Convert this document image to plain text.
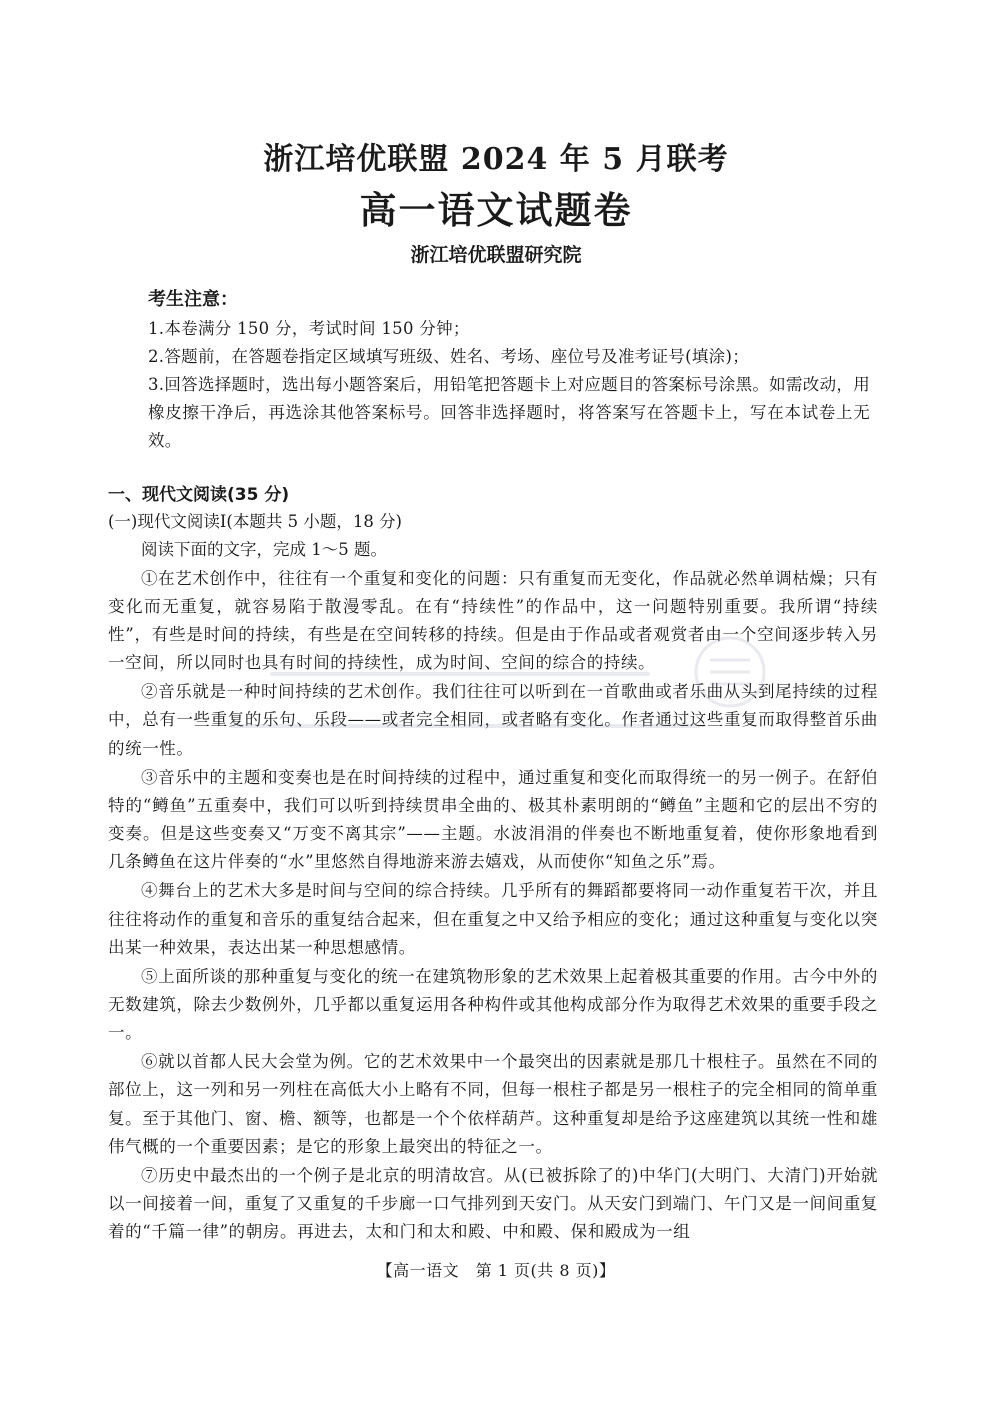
浙江培优联盟 2024 年 5 月联考
高一语文试题卷
浙江培优联盟研究院
考生注意：
1.本卷满分 150 分，考试时间 150 分钟；
2.答题前，在答题卷指定区域填写班级、姓名、考场、座位号及准考证号(填涂)；
3.回答选择题时，选出每小题答案后，用铅笔把答题卡上对应题目的答案标号涂黑。如需改动，用橡皮擦干净后，再选涂其他答案标号。回答非选择题时，将答案写在答题卡上，写在本试卷上无效。
一、现代文阅读(35 分)
(一)现代文阅读Ⅰ(本题共 5 小题，18 分)
阅读下面的文字，完成 1～5 题。
①在艺术创作中，往往有一个重复和变化的问题：只有重复而无变化，作品就必然单调枯燥；只有变化而无重复，就容易陷于散漫零乱。在有“持续性”的作品中，这一问题特别重要。我所谓“持续性”，有些是时间的持续，有些是在空间转移的持续。但是由于作品或者观赏者由一个空间逐步转入另一空间，所以同时也具有时间的持续性，成为时间、空间的综合的持续。
②音乐就是一种时间持续的艺术创作。我们往往可以听到在一首歌曲或者乐曲从头到尾持续的过程中，总有一些重复的乐句、乐段——或者完全相同，或者略有变化。作者通过这些重复而取得整首乐曲的统一性。
③音乐中的主题和变奏也是在时间持续的过程中，通过重复和变化而取得统一的另一例子。在舒伯特的“鳟鱼”五重奏中，我们可以听到持续贯串全曲的、极其朴素明朗的“鳟鱼”主题和它的层出不穷的变奏。但是这些变奏又“万变不离其宗”——主题。水波涓涓的伴奏也不断地重复着，使你形象地看到几条鳟鱼在这片伴奏的“水”里悠然自得地游来游去嬉戏，从而使你“知鱼之乐”焉。
④舞台上的艺术大多是时间与空间的综合持续。几乎所有的舞蹈都要将同一动作重复若干次，并且往往将动作的重复和音乐的重复结合起来，但在重复之中又给予相应的变化；通过这种重复与变化以突出某一种效果，表达出某一种思想感情。
⑤上面所谈的那种重复与变化的统一在建筑物形象的艺术效果上起着极其重要的作用。古今中外的无数建筑，除去少数例外，几乎都以重复运用各种构件或其他构成部分作为取得艺术效果的重要手段之一。
⑥就以首都人民大会堂为例。它的艺术效果中一个最突出的因素就是那几十根柱子。虽然在不同的部位上，这一列和另一列柱在高低大小上略有不同，但每一根柱子都是另一根柱子的完全相同的简单重复。至于其他门、窗、檐、额等，也都是一个个依样葫芦。这种重复却是给予这座建筑以其统一性和雄伟气概的一个重要因素；是它的形象上最突出的特征之一。
⑦历史中最杰出的一个例子是北京的明清故宫。从(已被拆除了的)中华门(大明门、大清门)开始就以一间接着一间，重复了又重复的千步廊一口气排列到天安门。从天安门到端门、午门又是一间间重复着的“千篇一律”的朝房。再进去，太和门和太和殿、中和殿、保和殿成为一组
【高一语文　第 1 页(共 8 页)】
